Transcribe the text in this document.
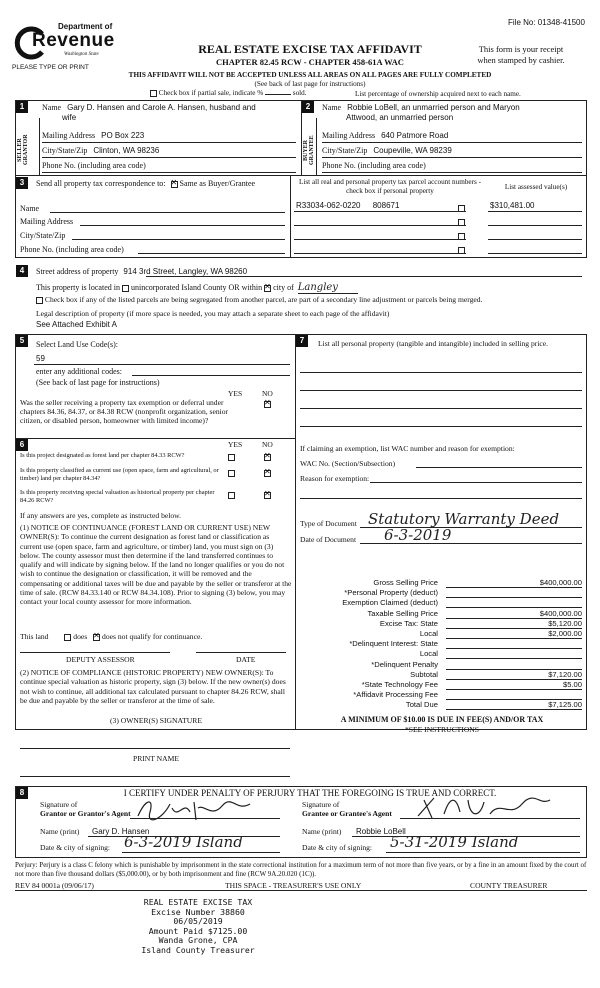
File No: 01348-41500
Department of
Revenue
Washington State
PLEASE TYPE OR PRINT
REAL ESTATE EXCISE TAX AFFIDAVIT
CHAPTER 82.45 RCW - CHAPTER 458-61A WAC
This form is your receipt
when stamped by cashier.
THIS AFFIDAVIT WILL NOT BE ACCEPTED UNLESS ALL AREAS ON ALL PAGES ARE FULLY COMPLETED
(See back of last page for instructions)
Check box if partial sale, indicate %	sold.	List percentage of ownership acquired next to each name.
1
SELLER GRANTOR
Name Gary D. Hansen and Carole A. Hansen, husband and
wife
Mailing Address PO Box 223
City/State/Zip Clinton, WA 98236
Phone No. (including area code)
2
BUYER GRANTEE
Name Robbie LoBell, an unmarried person and Maryon
Attwood, an unmarried person
Mailing Address 640 Patmore Road
City/State/Zip Coupeville, WA 98239
Phone No. (including area code)
3	Send all property tax correspondence to: ✕ Same as Buyer/Grantee
Name
Mailing Address
City/State/Zip
Phone No. (including area code)
List all real and personal property tax parcel account numbers - check box if personal property	List assessed value(s)
R33034-062-0220 808671	$310,481.00
4	Street address of property 914 3rd Street, Langley, WA 98260
This property is located in unincorporated Island County OR within ✕ city of Langley
Check box if any of the listed parcels are being segregated from another parcel, are part of a secondary line adjustment or parcels being merged.
Legal description of property (if more space is needed, you may attach a separate sheet to each page of the affidavit)
See Attached Exhibit A
5	Select Land Use Code(s):
59
enter any additional codes:
(See back of last page for instructions)
YES	NO
Was the seller receiving a property tax exemption or deferral under chapters 84.36, 84.37, or 84.38 RCW (nonprofit organization, senior citizen, or disabled person, homeowner with limited income)?
✕
6	YES	NO
Is this project designated as forest land per chapter 84.33 RCW?
✕
Is this property classified as current use (open space, farm and agricultural, or timber) land per chapter 84.34?
✕
Is this property receiving special valuation as historical property per chapter 84.26 RCW?
✕
If any answers are yes, complete as instructed below.
(1) NOTICE OF CONTINUANCE (FOREST LAND OR CURRENT USE) NEW OWNER(S): To continue the current designation as forest land or classification as current use (open space, farm and agriculture, or timber) land, you must sign on (3) below. The county assessor must then determine if the land transferred continues to qualify and will indicate by signing below. If the land no longer qualifies or you do not wish to continue the designation or classification, it will be removed and the compensating or additional taxes will be due and payable by the seller or transferor at the time of sale. (RCW 84.33.140 or RCW 84.34.108). Prior to signing (3) below, you may contact your local county assessor for more information.
This land	does ✕ does not qualify for continuance.
DEPUTY ASSESSOR	DATE
(2) NOTICE OF COMPLIANCE (HISTORIC PROPERTY) NEW OWNER(S): To continue special valuation as historic property, sign (3) below. If the new owner(s) does not wish to continue, all additional tax calculated pursuant to chapter 84.26 RCW, shall be due and payable by the seller or transferor at the time of sale.
(3) OWNER(S) SIGNATURE
PRINT NAME
7	List all personal property (tangible and intangible) included in selling price.
If claiming an exemption, list WAC number and reason for exemption:
WAC No. (Section/Subsection)
Reason for exemption:
Type of Document Statutory Warranty Deed
Date of Document 6-3-2019
Gross Selling Price	$400,000.00
*Personal Property (deduct)
Exemption Claimed (deduct)
Taxable Selling Price	$400,000.00
Excise Tax: State	$5,120.00
Local	$2,000.00
*Delinquent Interest: State
Local
*Delinquent Penalty
Subtotal	$7,120.00
*State Technology Fee	$5.00
*Affidavit Processing Fee
Total Due	$7,125.00
A MINIMUM OF $10.00 IS DUE IN FEE(S) AND/OR TAX
*SEE INSTRUCTIONS
8	I CERTIFY UNDER PENALTY OF PERJURY THAT THE FOREGOING IS TRUE AND CORRECT.
Signature of
Grantor or Grantor's Agent
Name (print) Gary D. Hansen
Date & city of signing: 6-3-2019 Island
Signature of
Grantee or Grantee's Agent
Name (print) Robbie LoBell
Date & city of signing: 5-31-2019 Island
Perjury: Perjury is a class C felony which is punishable by imprisonment in the state correctional institution for a maximum term of not more than five years, or by a fine in an amount fixed by the court of not more than five thousand dollars ($5,000.00), or by both imprisonment and fine (RCW 9A.20.020 (1C)).
REV 84 0001a (09/06/17)	THIS SPACE - TREASURER'S USE ONLY	COUNTY TREASURER
REAL ESTATE EXCISE TAX
Excise Number 38860
06/05/2019
Amount Paid $7125.00
Wanda Grone, CPA
Island County Treasurer
